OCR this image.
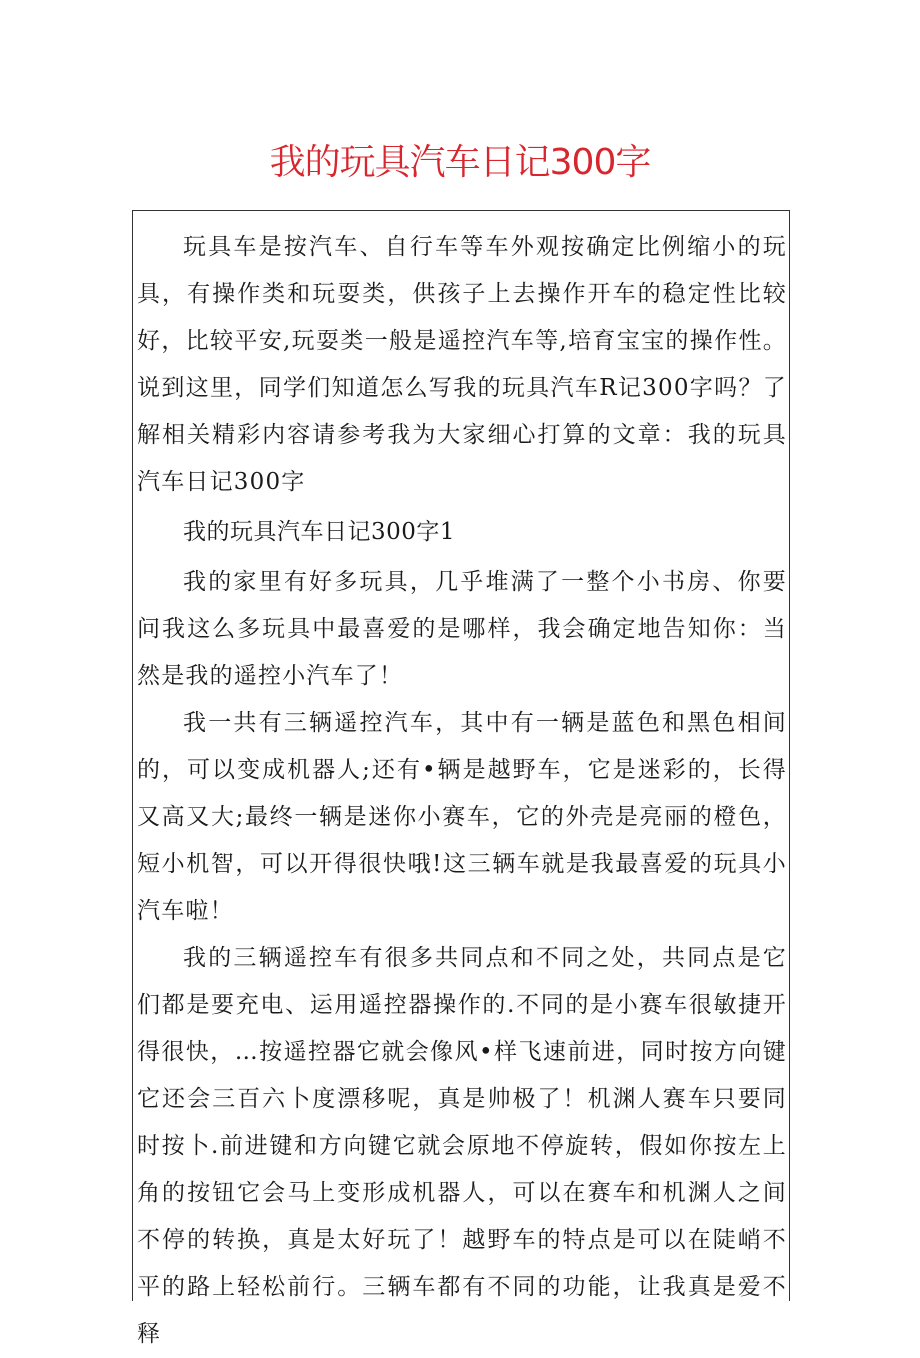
我的玩具汽车日记300字

玩具车是按汽车、自行车等车外观按确定比例缩小的玩具，有操作类和玩耍类，供孩子上去操作开车的稳定性比较好，比较平安,玩耍类一般是遥控汽车等,培育宝宝的操作性。说到这里，同学们知道怎么写我的玩具汽车R记300字吗？了解相关精彩内容请参考我为大家细心打算的文章：我的玩具汽车日记300字

我的玩具汽车日记300字1

我的家里有好多玩具，几乎堆满了一整个小书房、你要问我这么多玩具中最喜爱的是哪样，我会确定地告知你：当然是我的遥控小汽车了！

我一共有三辆遥控汽车，其中有一辆是蓝色和黑色相间的，可以变成机器人;还有•辆是越野车，它是迷彩的，长得又高又大;最终一辆是迷你小赛车，它的外壳是亮丽的橙色，短小机智，可以开得很快哦!这三辆车就是我最喜爱的玩具小汽车啦！

我的三辆遥控车有很多共同点和不同之处，共同点是它们都是要充电、运用遥控器操作的.不同的是小赛车很敏捷开得很快，…按遥控器它就会像风•样飞速前进，同时按方向键它还会三百六卜度漂移呢，真是帅极了！机渊人赛车只要同时按卜.前进键和方向键它就会原地不停旋转，假如你按左上角的按钮它会马上变形成机器人，可以在赛车和机渊人之间不停的转换，真是太好玩了！越野车的特点是可以在陡峭不平的路上轻松前行。三辆车都有不同的功能，让我真是爱不释
